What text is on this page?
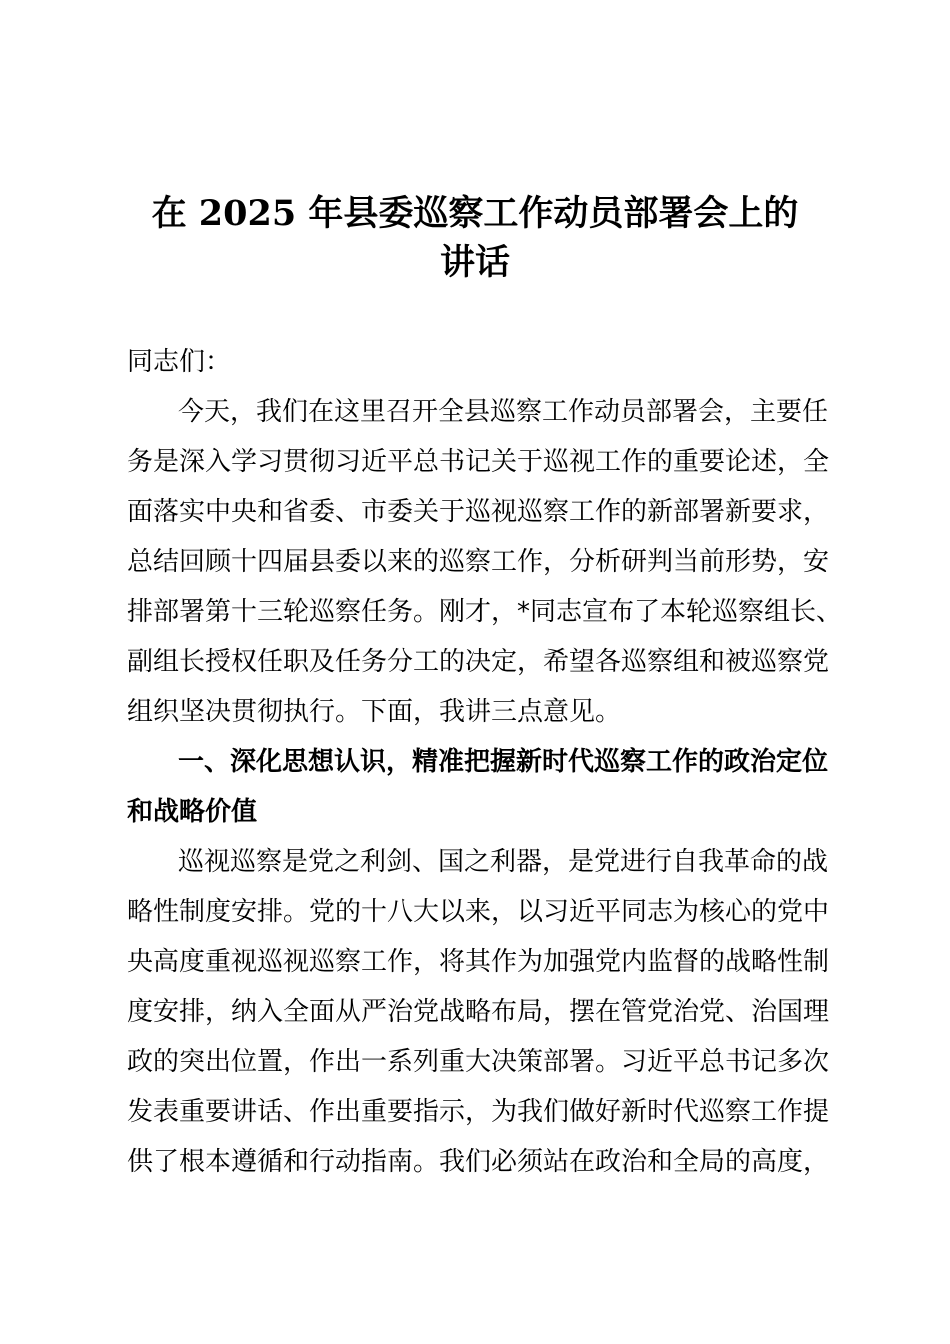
在 2025 年县委巡察工作动员部署会上的
讲话
同志们：
今天，我们在这里召开全县巡察工作动员部署会，主要任
务是深入学习贯彻习近平总书记关于巡视工作的重要论述，全
面落实中央和省委、市委关于巡视巡察工作的新部署新要求，
总结回顾十四届县委以来的巡察工作，分析研判当前形势，安
排部署第十三轮巡察任务。刚才，*同志宣布了本轮巡察组长、
副组长授权任职及任务分工的决定，希望各巡察组和被巡察党
组织坚决贯彻执行。下面，我讲三点意见。
一、深化思想认识，精准把握新时代巡察工作的政治定位
和战略价值
巡视巡察是党之利剑、国之利器，是党进行自我革命的战
略性制度安排。党的十八大以来，以习近平同志为核心的党中
央高度重视巡视巡察工作，将其作为加强党内监督的战略性制
度安排，纳入全面从严治党战略布局，摆在管党治党、治国理
政的突出位置，作出一系列重大决策部署。习近平总书记多次
发表重要讲话、作出重要指示，为我们做好新时代巡察工作提
供了根本遵循和行动指南。我们必须站在政治和全局的高度，
